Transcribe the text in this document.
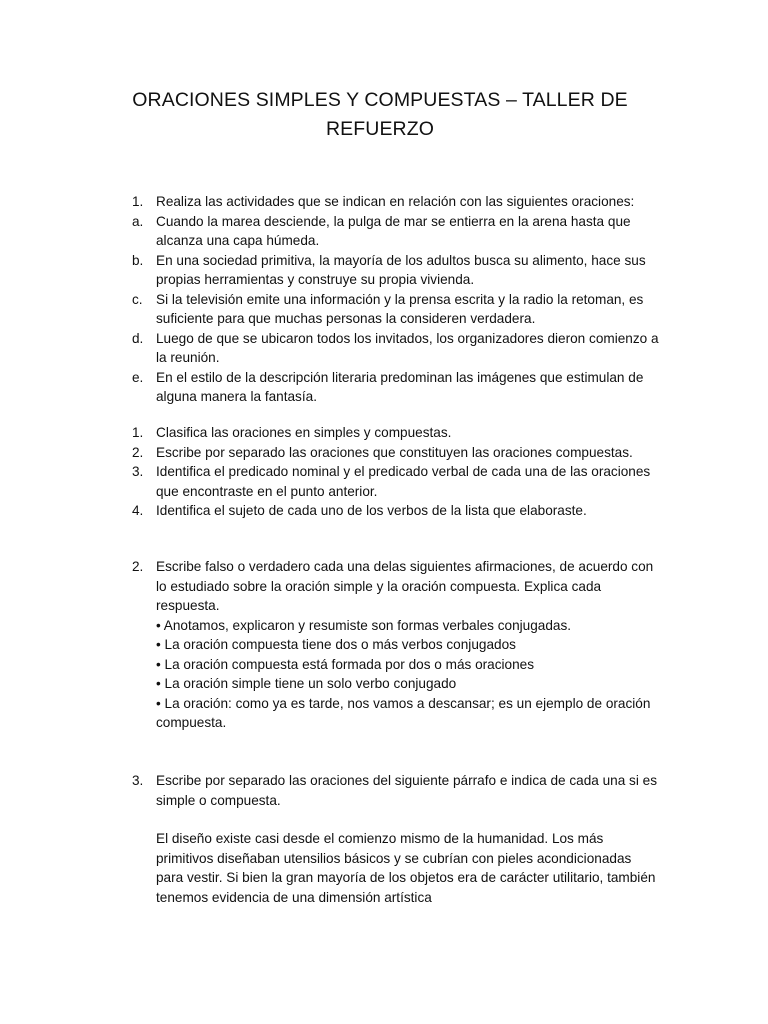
ORACIONES SIMPLES Y COMPUESTAS – TALLER DE REFUERZO
1. Realiza las actividades que se indican en relación con las siguientes oraciones:
a. Cuando la marea desciende, la pulga de mar se entierra en la arena hasta que alcanza una capa húmeda.
b. En una sociedad primitiva, la mayoría de los adultos busca su alimento, hace sus propias herramientas y construye su propia vivienda.
c. Si la televisión emite una información y la prensa escrita y la radio la retoman, es suficiente para que muchas personas la consideren verdadera.
d. Luego de que se ubicaron todos los invitados, los organizadores dieron comienzo a la reunión.
e. En el estilo de la descripción literaria predominan las imágenes que estimulan de alguna manera la fantasía.
1. Clasifica las oraciones en simples y compuestas.
2. Escribe por separado las oraciones que constituyen las oraciones compuestas.
3. Identifica el predicado nominal y el predicado verbal de cada una de las oraciones que encontraste en el punto anterior.
4. Identifica el sujeto de cada uno de los verbos de la lista que elaboraste.
2. Escribe falso o verdadero cada una delas siguientes afirmaciones, de acuerdo con lo estudiado sobre la oración simple y la oración compuesta. Explica cada respuesta.
• Anotamos, explicaron y resumiste son formas verbales conjugadas.
• La oración compuesta tiene dos o más verbos conjugados
• La oración compuesta está formada por dos o más oraciones
• La oración simple tiene un solo verbo conjugado
• La oración: como ya es tarde, nos vamos a descansar; es un ejemplo de oración compuesta.
3. Escribe por separado las oraciones del siguiente párrafo e indica de cada una si es simple o compuesta.
El diseño existe casi desde el comienzo mismo de la humanidad. Los más primitivos diseñaban utensilios básicos y se cubrían con pieles acondicionadas para vestir. Si bien la gran mayoría de los objetos era de carácter utilitario, también tenemos evidencia de una dimensión artística
